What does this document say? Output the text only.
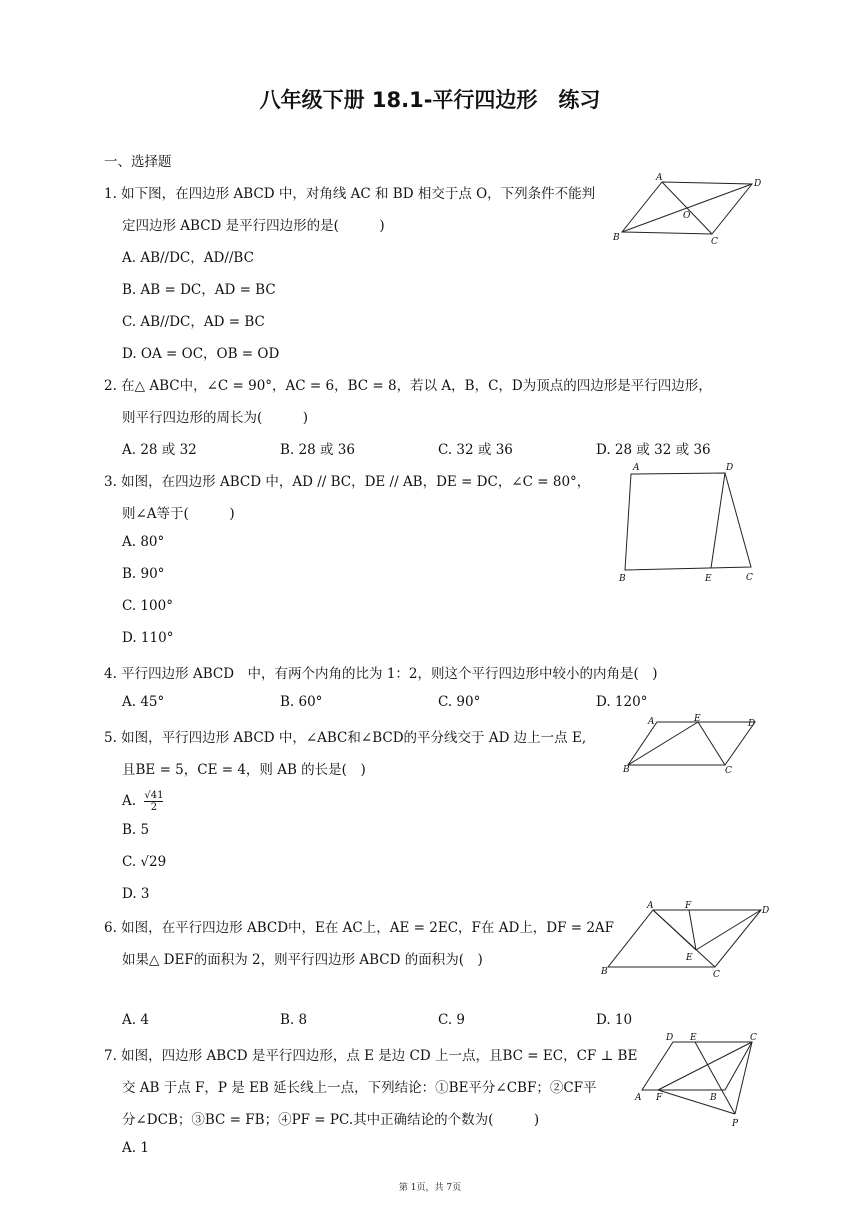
八年级下册 18.1-平行四边形　练习
一、选择题
1. 如下图，在四边形 ABCD 中，对角线 AC 和 BD 相交于点 O，下列条件不能判
定四边形 ABCD 是平行四边形的是(　　　)
A. AB//DC，AD//BC
B. AB = DC，AD = BC
C. AB//DC，AD = BC
D. OA = OC，OB = OD
A
D
O
B	C
2. 在△ ABC中，∠C = 90°，AC = 6，BC = 8，若以 A，B，C，D为顶点的四边形是平行四边形，
则平行四边形的周长为(　　　)
A. 28 或 32	B. 28 或 36	C. 32 或 36	D. 28 或 32 或 36
3. 如图，在四边形 ABCD 中，AD // BC，DE // AB，DE = DC，∠C = 80°，
则∠A等于(　　　)
A. 80°
B. 90°
C. 100°
D. 110°
A	D
B	E	C
4. 平行四边形 ABCD　中，有两个内角的比为 1：2，则这个平行四边形中较小的内角是(　)
A. 45°	B. 60°	C. 90°	D. 120°
5. 如图，平行四边形 ABCD 中，∠ABC和∠BCD的平分线交于 AD 边上一点 E,
且BE = 5，CE = 4，则 AB 的长是(　)
A. $\frac{√41}{2}$
B. 5
C. √29
D. 3
A	E	D
B	C
6. 如图，在平行四边形 ABCD中，E在 AC上，AE = 2EC，F在 AD上，DF = 2AF
如果△ DEF的面积为 2，则平行四边形 ABCD 的面积为(　)
A. 4	B. 8	C. 9	D. 10
A	F	D
E
B	C
7. 如图，四边形 ABCD 是平行四边形，点 E 是边 CD 上一点，且BC = EC，CF ⊥ BE
交 AB 于点 F，P 是 EB 延长线上一点，下列结论：①BE平分∠CBF；②CF平
分∠DCB；③BC = FB；④PF = PC.其中正确结论的个数为(　　　)
A. 1
D E	C
A F	B
P
第 1页，共 7页
